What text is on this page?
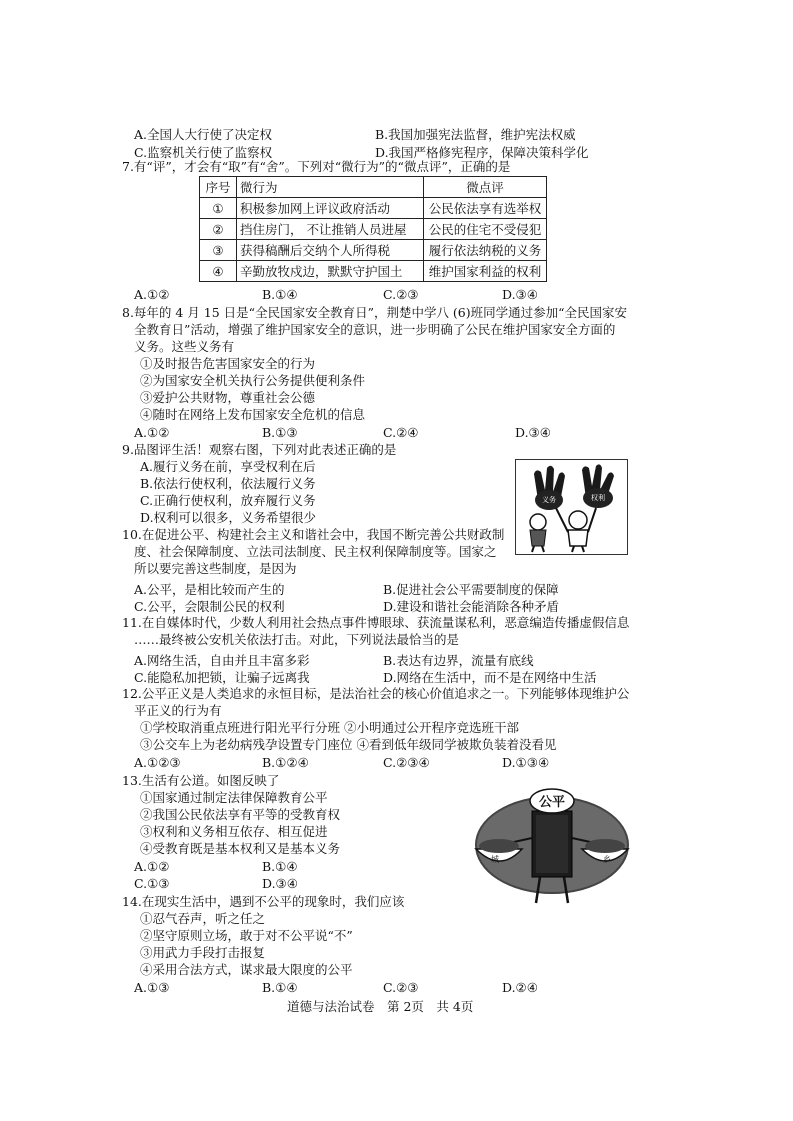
A.全国人大行使了决定权	B.我国加强宪法监督，维护宪法权威
C.监察机关行使了监察权	D.我国严格修宪程序，保障决策科学化
7.有“评”，才会有“取”有“舍”。下列对“微行为”的“微点评”，正确的是
序号	微行为	微点评
①	积极参加网上评议政府活动	公民依法享有选举权
②	挡住房门， 不让推销人员进屋	公民的住宅不受侵犯
③	获得稿酬后交纳个人所得税	履行依法纳税的义务
④	辛勤放牧戍边，默默守护国土	维护国家利益的权利
A.①②	B.①④	C.②③	D.③④
8.每年的 4 月 15 日是“全民国家安全教育日”，荆楚中学八 (6)班同学通过参加“全民国家安
全教育日”活动，增强了维护国家安全的意识，进一步明确了公民在维护国家安全方面的
义务。这些义务有
①及时报告危害国家安全的行为
②为国家安全机关执行公务提供便利条件
③爱护公共财物，尊重社会公德
④随时在网络上发布国家安全危机的信息
A.①②	B.①③	C.②④	D.③④
9.品图评生活！观察右图，下列对此表述正确的是
A.履行义务在前，享受权利在后
B.依法行使权利，依法履行义务
C.正确行使权利，放弃履行义务
D.权利可以很多，义务希望很少
义务	权利
10.在促进公平、构建社会主义和谐社会中，我国不断完善公共财政制
度、社会保障制度、立法司法制度、民主权利保障制度等。国家之
所以要完善这些制度，是因为
A.公平，是相比较而产生的	B.促进社会公平需要制度的保障
C.公平，会限制公民的权利	D.建设和谐社会能消除各种矛盾
11.在自媒体时代，少数人利用社会热点事件博眼球、获流量谋私利，恶意编造传播虚假信息
……最终被公安机关依法打击。对此，下列说法最恰当的是
A.网络生活，自由并且丰富多彩	B.表达有边界，流量有底线
C.能隐私加把锁，让骗子远离我	D.网络在生活中，而不是在网络中生活
12.公平正义是人类追求的永恒目标，是法治社会的核心价值追求之一。下列能够体现维护公
平正义的行为有
①学校取消重点班进行阳光平行分班 ②小明通过公开程序竞选班干部
③公交车上为老幼病残孕设置专门座位 ④看到低年级同学被欺负装着没看见
A.①②③	B.①②④	C.②③④	D.①③④
13.生活有公道。如图反映了
①国家通过制定法律保障教育公平
②我国公民依法享有平等的受教育权
③权利和义务相互依存、相互促进
④受教育既是基本权利又是基本义务
A.①②	B.①④
C.①③	D.③④
公平
城	乡
14.在现实生活中，遇到不公平的现象时，我们应该
①忍气吞声，听之任之
②坚守原则立场，敢于对不公平说“不”
③用武力手段打击报复
④采用合法方式，谋求最大限度的公平
A.①③	B.①④	C.②③	D.②④
道德与法治试卷　第 2页　共 4页
